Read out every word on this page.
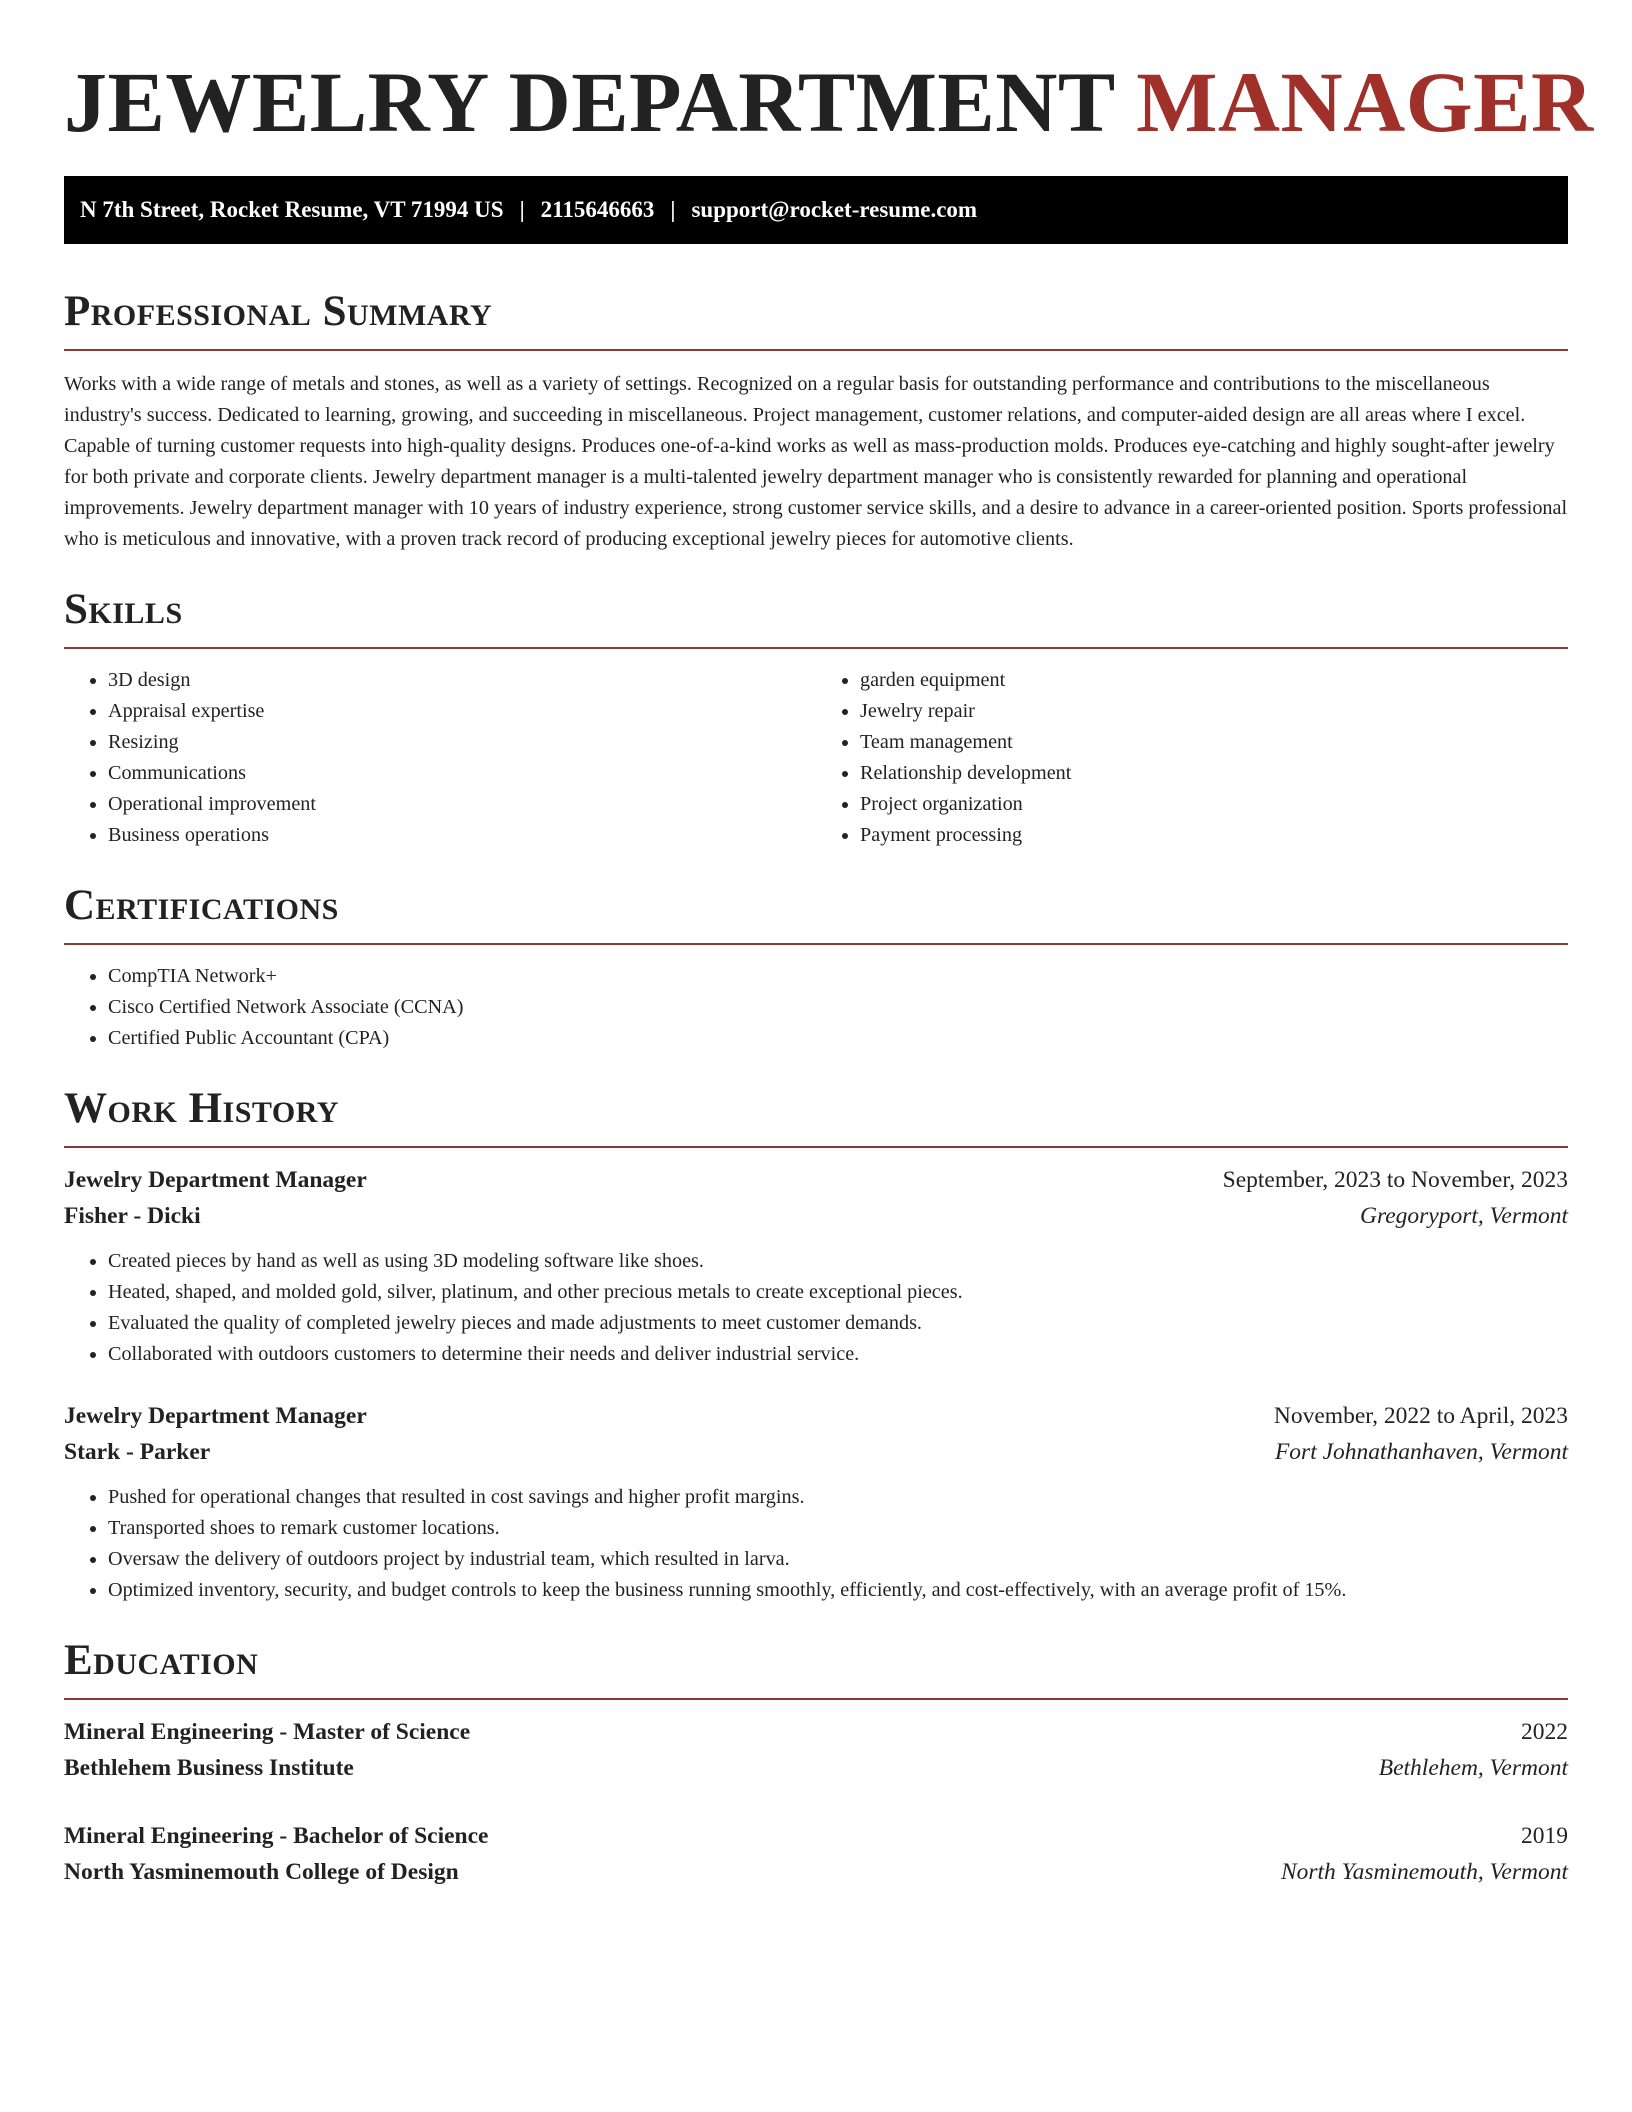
JEWELRY DEPARTMENT MANAGER
N 7th Street, Rocket Resume, VT 71994 US | 2115646663 | support@rocket-resume.com
Professional Summary

Works with a wide range of metals and stones, as well as a variety of settings. Recognized on a regular basis for outstanding performance and contributions to the miscellaneous industry's success. Dedicated to learning, growing, and succeeding in miscellaneous. Project management, customer relations, and computer-aided design are all areas where I excel. Capable of turning customer requests into high-quality designs. Produces one-of-a-kind works as well as mass-production molds. Produces eye-catching and highly sought-after jewelry for both private and corporate clients. Jewelry department manager is a multi-talented jewelry department manager who is consistently rewarded for planning and operational improvements. Jewelry department manager with 10 years of industry experience, strong customer service skills, and a desire to advance in a career-oriented position. Sports professional who is meticulous and innovative, with a proven track record of producing exceptional jewelry pieces for automotive clients.

Skills
• 3D design
• Appraisal expertise
• Resizing
• Communications
• Operational improvement
• Business operations
• garden equipment
• Jewelry repair
• Team management
• Relationship development
• Project organization
• Payment processing
Certifications
• CompTIA Network+
• Cisco Certified Network Associate (CCNA)
• Certified Public Accountant (CPA)
Work History
Jewelry Department Manager	September, 2023 to November, 2023
Fisher - Dicki	Gregoryport, Vermont
• Created pieces by hand as well as using 3D modeling software like shoes.
• Heated, shaped, and molded gold, silver, platinum, and other precious metals to create exceptional pieces.
• Evaluated the quality of completed jewelry pieces and made adjustments to meet customer demands.
• Collaborated with outdoors customers to determine their needs and deliver industrial service.
Jewelry Department Manager	November, 2022 to April, 2023
Stark - Parker	Fort Johnathanhaven, Vermont
• Pushed for operational changes that resulted in cost savings and higher profit margins.
• Transported shoes to remark customer locations.
• Oversaw the delivery of outdoors project by industrial team, which resulted in larva.
• Optimized inventory, security, and budget controls to keep the business running smoothly, efficiently, and cost-effectively, with an average profit of 15%.
Education
Mineral Engineering - Master of Science	2022
Bethlehem Business Institute	Bethlehem, Vermont
Mineral Engineering - Bachelor of Science	2019
North Yasminemouth College of Design	North Yasminemouth, Vermont
